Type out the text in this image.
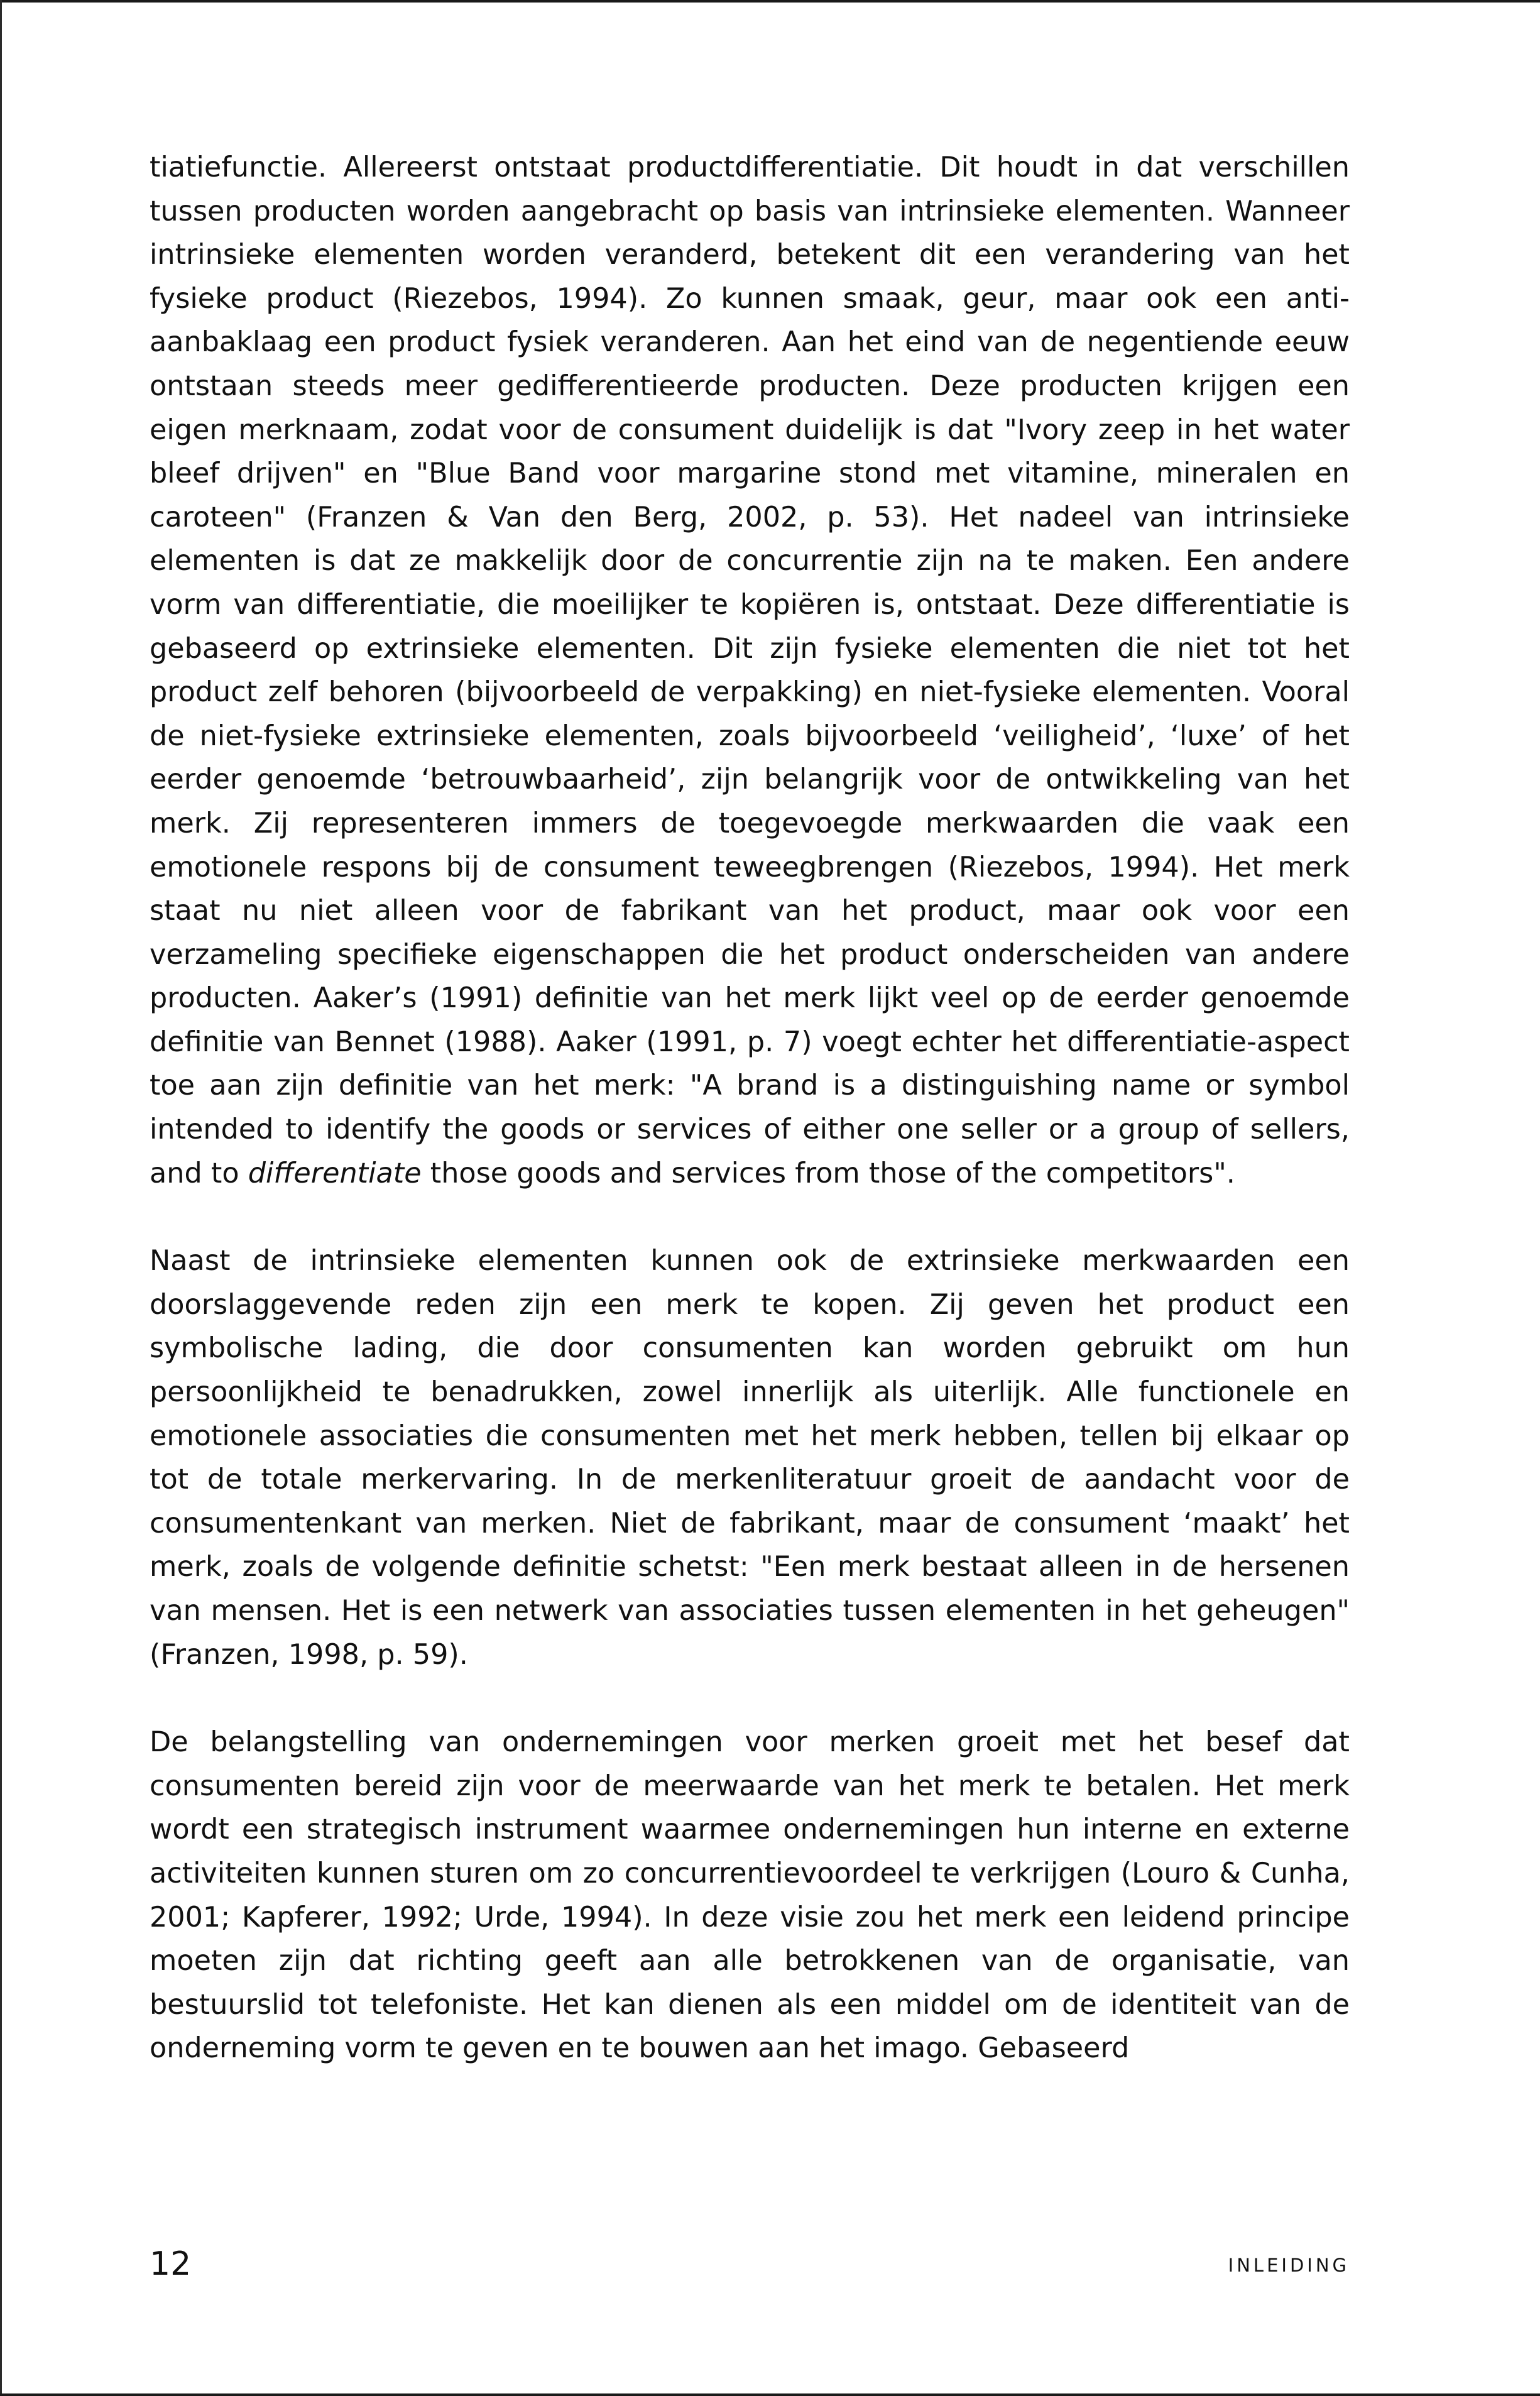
tiatiefunctie. Allereerst ontstaat productdifferentiatie. Dit houdt in dat verschillen tussen producten worden aangebracht op basis van intrinsieke elementen. Wanneer intrinsieke elementen worden veranderd, betekent dit een verandering van het fysieke product (Riezebos, 1994). Zo kunnen smaak, geur, maar ook een anti-aanbaklaag een product fysiek veranderen. Aan het eind van de negentiende eeuw ontstaan steeds meer gedifferentieerde producten. Deze producten krijgen een eigen merknaam, zodat voor de consument duidelijk is dat "Ivory zeep in het water bleef drijven" en "Blue Band voor margarine stond met vitamine, mineralen en caroteen" (Franzen & Van den Berg, 2002, p. 53). Het nadeel van intrinsieke elementen is dat ze makkelijk door de concurrentie zijn na te maken. Een andere vorm van differentiatie, die moeilijker te kopiëren is, ontstaat. Deze differentiatie is gebaseerd op extrinsieke elementen. Dit zijn fysieke elementen die niet tot het product zelf behoren (bijvoorbeeld de verpakking) en niet-fysieke elementen. Vooral de niet-fysieke extrinsieke elementen, zoals bijvoorbeeld ‘veiligheid’, ‘luxe’ of het eerder genoemde ‘betrouwbaarheid’, zijn belangrijk voor de ontwikkeling van het merk. Zij representeren immers de toegevoegde merkwaarden die vaak een emotionele respons bij de consument teweegbrengen (Riezebos, 1994). Het merk staat nu niet alleen voor de fabrikant van het product, maar ook voor een verzameling specifieke eigenschappen die het product onderscheiden van andere producten. Aaker’s (1991) definitie van het merk lijkt veel op de eerder genoemde definitie van Bennet (1988). Aaker (1991, p. 7) voegt echter het differentiatie-aspect toe aan zijn definitie van het merk: "A brand is a distinguishing name or symbol intended to identify the goods or services of either one seller or a group of sellers, and to differentiate those goods and services from those of the competitors".

Naast de intrinsieke elementen kunnen ook de extrinsieke merkwaarden een doorslaggevende reden zijn een merk te kopen. Zij geven het product een symbolische lading, die door consumenten kan worden gebruikt om hun persoonlijkheid te benadrukken, zowel innerlijk als uiterlijk. Alle functionele en emotionele associaties die consumenten met het merk hebben, tellen bij elkaar op tot de totale merkervaring. In de merkenliteratuur groeit de aandacht voor de consumentenkant van merken. Niet de fabrikant, maar de consument ‘maakt’ het merk, zoals de volgende definitie schetst: "Een merk bestaat alleen in de hersenen van mensen. Het is een netwerk van associaties tussen elementen in het geheugen" (Franzen, 1998, p. 59).

De belangstelling van ondernemingen voor merken groeit met het besef dat consumenten bereid zijn voor de meerwaarde van het merk te betalen. Het merk wordt een strategisch instrument waarmee ondernemingen hun interne en externe activiteiten kunnen sturen om zo concurrentievoordeel te verkrijgen (Louro & Cunha, 2001; Kapferer, 1992; Urde, 1994). In deze visie zou het merk een leidend principe moeten zijn dat richting geeft aan alle betrokkenen van de organisatie, van bestuurslid tot telefoniste. Het kan dienen als een middel om de identiteit van de onderneming vorm te geven en te bouwen aan het imago. Gebaseerd

12	INLEIDING
